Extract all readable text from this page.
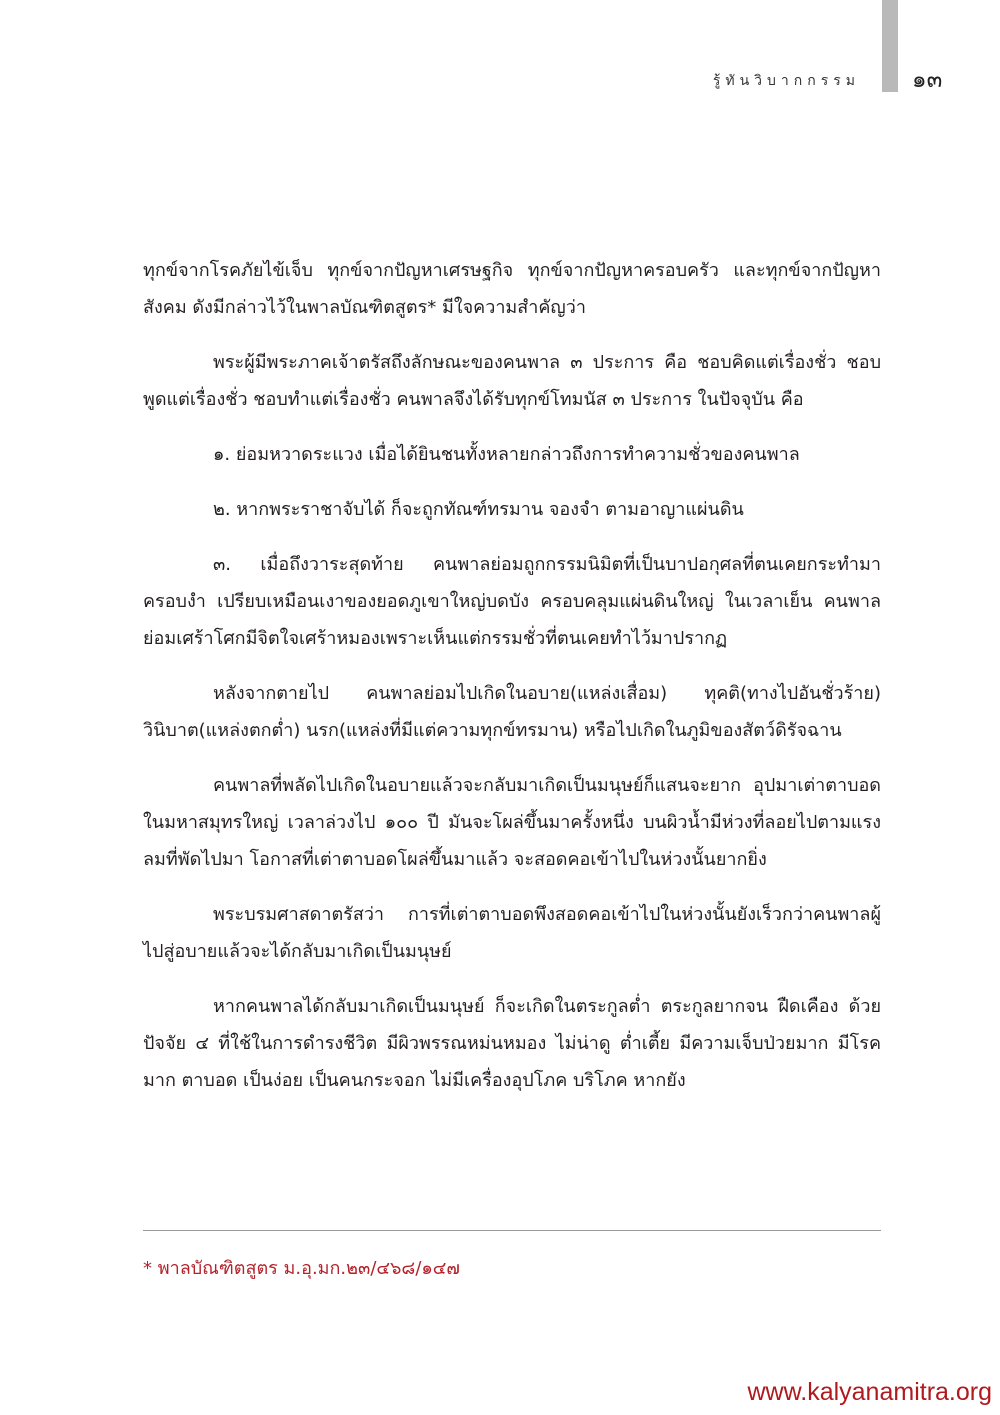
รู้ทันวิบากกรรม ๑๓

ทุกข์จากโรคภัยไข้เจ็บ ทุกข์จากปัญหาเศรษฐกิจ ทุกข์จากปัญหาครอบครัว และทุกข์จากปัญหาสังคม ดังมีกล่าวไว้ในพาลบัณฑิตสูตร* มีใจความสำคัญว่า

พระผู้มีพระภาคเจ้าตรัสถึงลักษณะของคนพาล ๓ ประการ คือ ชอบคิดแต่เรื่องชั่ว ชอบพูดแต่เรื่องชั่ว ชอบทำแต่เรื่องชั่ว คนพาลจึงได้รับทุกข์โทมนัส ๓ ประการ ในปัจจุบัน คือ

๑. ย่อมหวาดระแวง เมื่อได้ยินชนทั้งหลายกล่าวถึงการทำความชั่วของคนพาล

๒. หากพระราชาจับได้ ก็จะถูกทัณฑ์ทรมาน จองจำ ตามอาญาแผ่นดิน

๓. เมื่อถึงวาระสุดท้าย คนพาลย่อมถูกกรรมนิมิตที่เป็นบาปอกุศลที่ตนเคยกระทำมาครอบงำ เปรียบเหมือนเงาของยอดภูเขาใหญ่บดบัง ครอบคลุมแผ่นดินใหญ่ ในเวลาเย็น คนพาลย่อมเศร้าโศกมีจิตใจเศร้าหมองเพราะเห็นแต่กรรมชั่วที่ตนเคยทำไว้มาปรากฏ

หลังจากตายไป คนพาลย่อมไปเกิดในอบาย(แหล่งเสื่อม) ทุคติ(ทางไปอันชั่วร้าย) วินิบาต(แหล่งตกต่ำ) นรก(แหล่งที่มีแต่ความทุกข์ทรมาน) หรือไปเกิดในภูมิของสัตว์ดิรัจฉาน

คนพาลที่พลัดไปเกิดในอบายแล้วจะกลับมาเกิดเป็นมนุษย์ก็แสนจะยาก อุปมาเต่าตาบอดในมหาสมุทรใหญ่ เวลาล่วงไป ๑๐๐ ปี มันจะโผล่ขึ้นมาครั้งหนึ่ง บนผิวน้ำมีห่วงที่ลอยไปตามแรงลมที่พัดไปมา โอกาสที่เต่าตาบอดโผล่ขึ้นมาแล้ว จะสอดคอเข้าไปในห่วงนั้นยากยิ่ง

พระบรมศาสดาตรัสว่า การที่เต่าตาบอดพึงสอดคอเข้าไปในห่วงนั้นยังเร็วกว่าคนพาลผู้ไปสู่อบายแล้วจะได้กลับมาเกิดเป็นมนุษย์

หากคนพาลได้กลับมาเกิดเป็นมนุษย์ ก็จะเกิดในตระกูลต่ำ ตระกูลยากจน ฝืดเคือง ด้วยปัจจัย ๔ ที่ใช้ในการดำรงชีวิต มีผิวพรรณหม่นหมอง ไม่น่าดู ต่ำเตี้ย มีความเจ็บป่วยมาก มีโรคมาก ตาบอด เป็นง่อย เป็นคนกระจอก ไม่มีเครื่องอุปโภค บริโภค หากยัง

* พาลบัณฑิตสูตร ม.อุ.มก.๒๓/๔๖๘/๑๔๗
www.kalyanamitra.org
